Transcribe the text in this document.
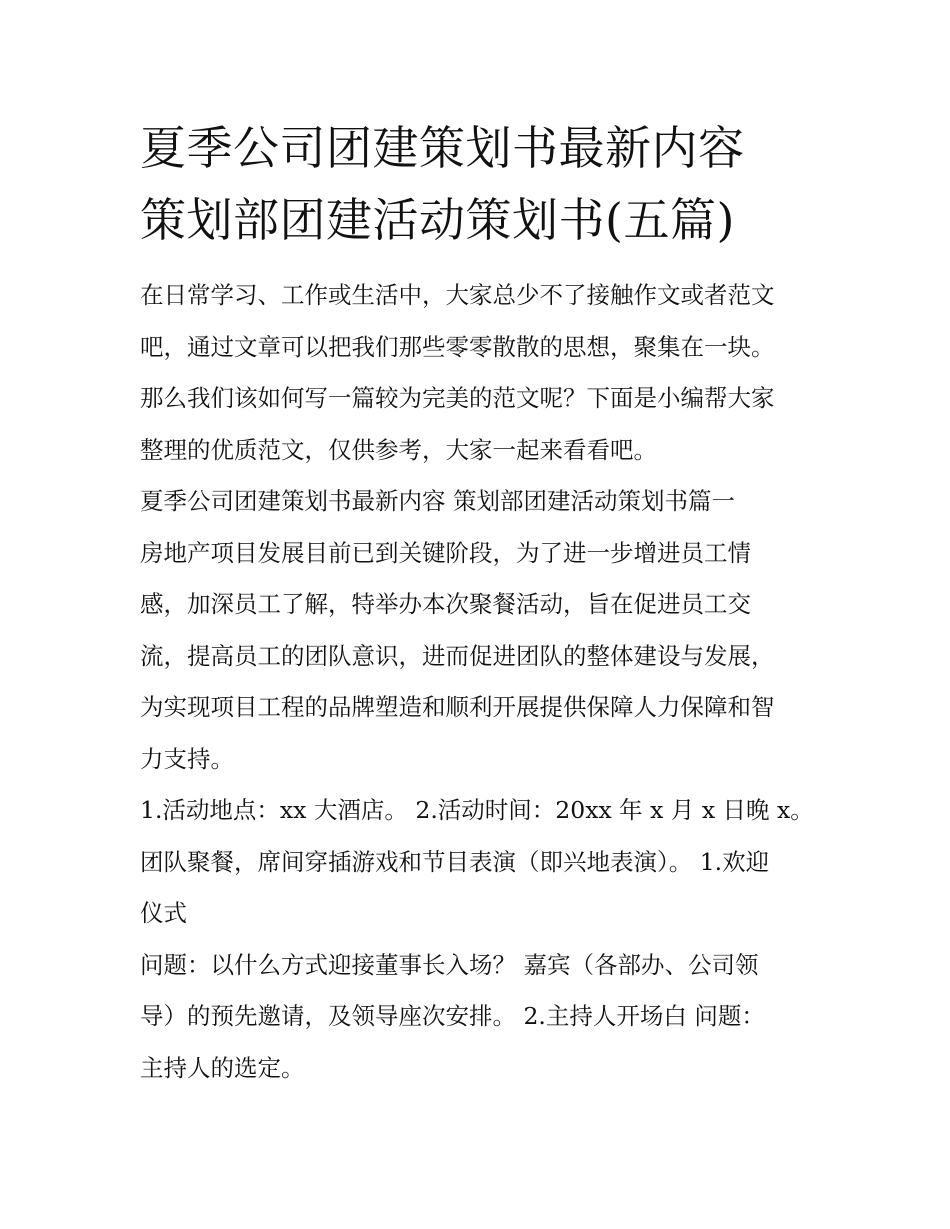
夏季公司团建策划书最新内容
策划部团建活动策划书(五篇)

在日常学习、工作或生活中，大家总少不了接触作文或者范文
吧，通过文章可以把我们那些零零散散的思想，聚集在一块。
那么我们该如何写一篇较为完美的范文呢？下面是小编帮大家
整理的优质范文，仅供参考，大家一起来看看吧。

夏季公司团建策划书最新内容 策划部团建活动策划书篇一

房地产项目发展目前已到关键阶段，为了进一步增进员工情
感，加深员工了解，特举办本次聚餐活动，旨在促进员工交
流，提高员工的团队意识，进而促进团队的整体建设与发展，
为实现项目工程的品牌塑造和顺利开展提供保障人力保障和智
力支持。

1.活动地点：xx 大酒店。 2.活动时间：20xx 年 x 月 x 日晚 x。
团队聚餐，席间穿插游戏和节目表演（即兴地表演）。 1.欢迎
仪式

问题：以什么方式迎接董事长入场？ 嘉宾（各部办、公司领
导）的预先邀请，及领导座次安排。 2.主持人开场白 问题：
主持人的选定。
